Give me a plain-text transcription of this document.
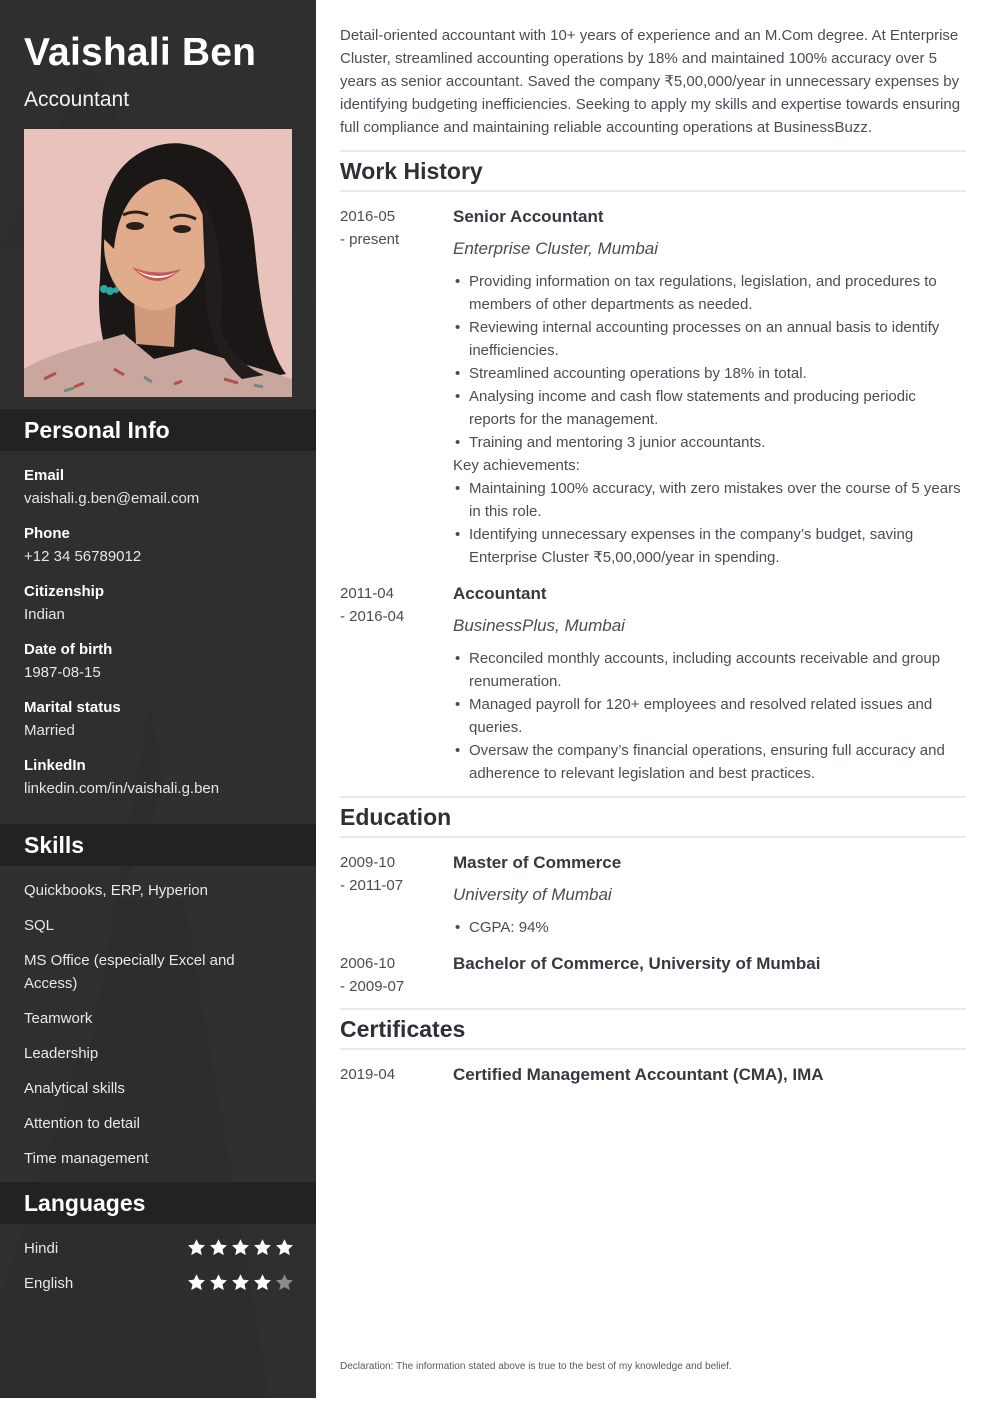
Vaishali Ben
Accountant
Personal Info
Email
vaishali.g.ben@email.com
Phone
+12 34 56789012
Citizenship
Indian
Date of birth
1987-08-15
Marital status
Married
LinkedIn
linkedin.com/in/vaishali.g.ben
Skills
Quickbooks, ERP, Hyperion
SQL
MS Office (especially Excel and Access)
Teamwork
Leadership
Analytical skills
Attention to detail
Time management
Languages
Hindi
English

Detail-oriented accountant with 10+ years of experience and an M.Com degree. At Enterprise Cluster, streamlined accounting operations by 18% and maintained 100% accuracy over 5 years as senior accountant. Saved the company ₹5,00,000/year in unnecessary expenses by identifying budgeting inefficiencies. Seeking to apply my skills and expertise towards ensuring full compliance and maintaining reliable accounting operations at BusinessBuzz.

Work History
2016-05
- present
Senior Accountant
Enterprise Cluster, Mumbai
• Providing information on tax regulations, legislation, and procedures to members of other departments as needed.
• Reviewing internal accounting processes on an annual basis to identify inefficiencies.
• Streamlined accounting operations by 18% in total.
• Analysing income and cash flow statements and producing periodic reports for the management.
• Training and mentoring 3 junior accountants.
Key achievements:
• Maintaining 100% accuracy, with zero mistakes over the course of 5 years in this role.
• Identifying unnecessary expenses in the company’s budget, saving Enterprise Cluster ₹5,00,000/year in spending.
2011-04
- 2016-04
Accountant
BusinessPlus, Mumbai
• Reconciled monthly accounts, including accounts receivable and group renumeration.
• Managed payroll for 120+ employees and resolved related issues and queries.
• Oversaw the company’s financial operations, ensuring full accuracy and adherence to relevant legislation and best practices.
Education
2009-10
- 2011-07
Master of Commerce
University of Mumbai
• CGPA: 94%
2006-10
- 2009-07
Bachelor of Commerce, University of Mumbai
Certificates
2019-04	Certified Management Accountant (CMA), IMA
Declaration: The information stated above is true to the best of my knowledge and belief.
